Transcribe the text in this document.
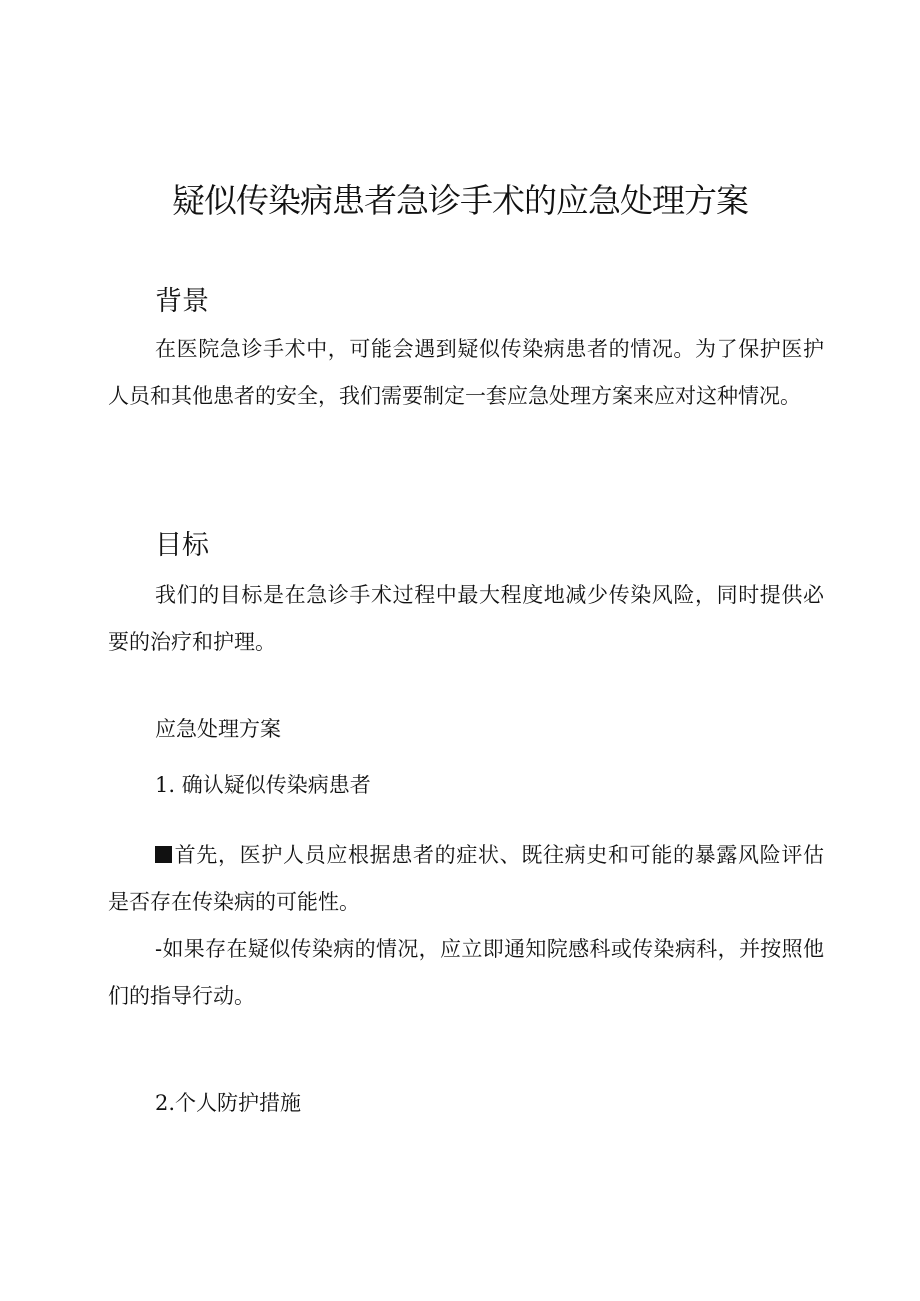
疑似传染病患者急诊手术的应急处理方案
背景

在医院急诊手术中，可能会遇到疑似传染病患者的情况。为了保护医护人员和其他患者的安全，我们需要制定一套应急处理方案来应对这种情况。

目标

我们的目标是在急诊手术过程中最大程度地减少传染风险，同时提供必要的治疗和护理。

应急处理方案

1. 确认疑似传染病患者

首先，医护人员应根据患者的症状、既往病史和可能的暴露风险评估是否存在传染病的可能性。

-如果存在疑似传染病的情况，应立即通知院感科或传染病科，并按照他们的指导行动。

2.个人防护措施
